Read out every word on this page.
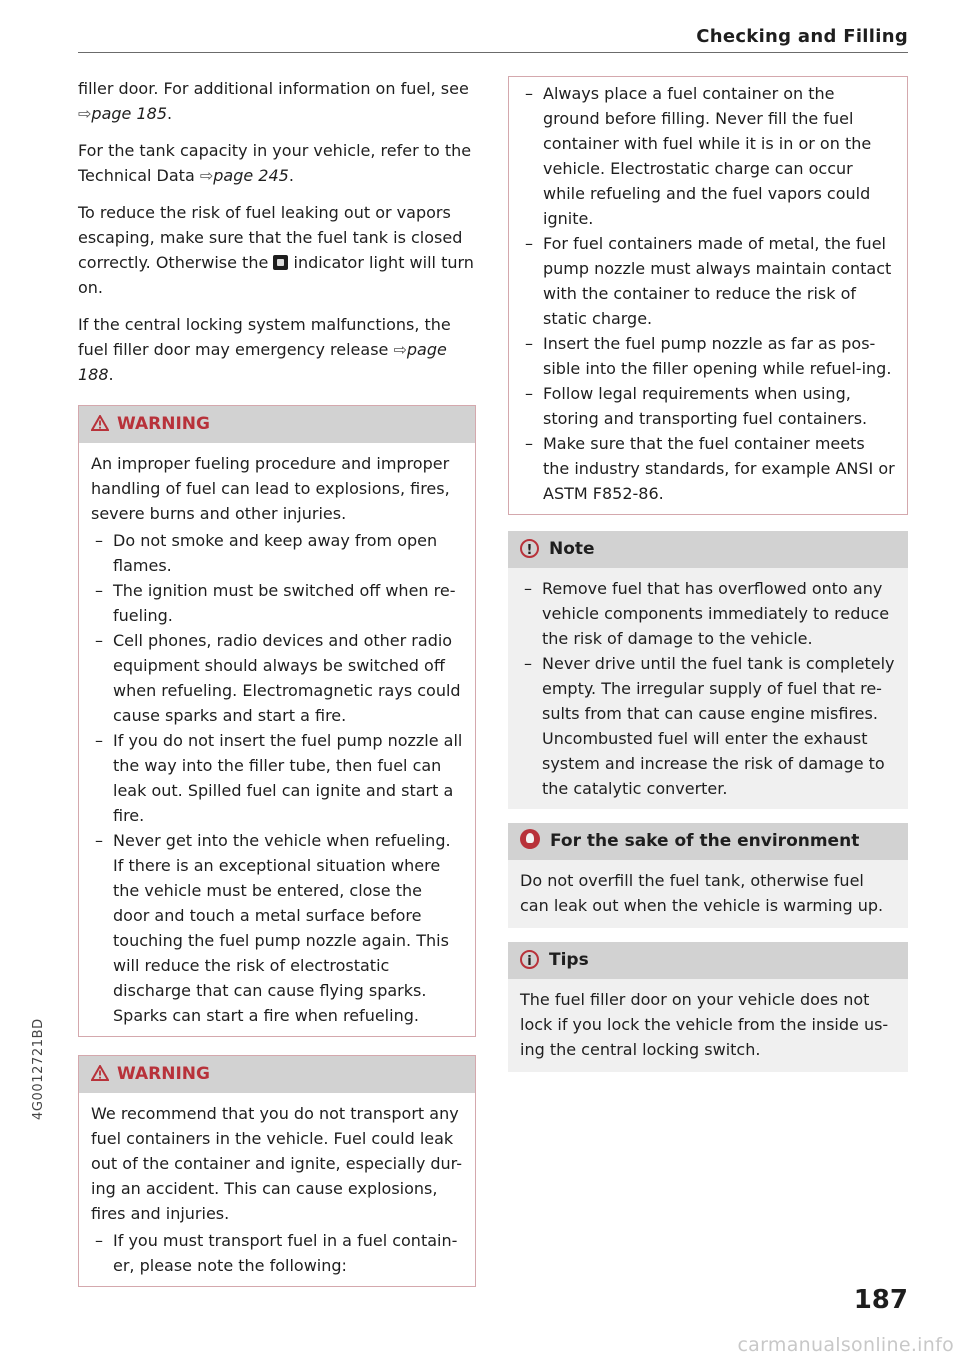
Checking and Filling
4G0012721BD

filler door. For additional information on fuel, see ⇨page 185.

For the tank capacity in your vehicle, refer to the Technical Data ⇨page 245.

To reduce the risk of fuel leaking out or vapors escaping, make sure that the fuel tank is closed correctly. Otherwise the  indicator light will turn on.

If the central locking system malfunctions, the fuel filler door may emergency release ⇨page 188.

WARNING

An improper fueling procedure and improper handling of fuel can lead to explosions, fires, severe burns and other injuries.

– Do not smoke and keep away from open flames.
– The ignition must be switched off when re-fueling.
– Cell phones, radio devices and other radio equipment should always be switched off when refueling. Electromagnetic rays could cause sparks and start a fire.
– If you do not insert the fuel pump nozzle all the way into the filler tube, then fuel can leak out. Spilled fuel can ignite and start a fire.
– Never get into the vehicle when refueling. If there is an exceptional situation where the vehicle must be entered, close the door and touch a metal surface before touching the fuel pump nozzle again. This will reduce the risk of electrostatic discharge that can cause flying sparks. Sparks can start a fire when refueling.
WARNING

We recommend that you do not transport any fuel containers in the vehicle. Fuel could leak out of the container and ignite, especially dur-ing an accident. This can cause explosions, fires and injuries.

– If you must transport fuel in a fuel contain-er, please note the following:
– Always place a fuel container on the ground before filling. Never fill the fuel container with fuel while it is in or on the vehicle. Electrostatic charge can occur while refueling and the fuel vapors could ignite.
– For fuel containers made of metal, the fuel pump nozzle must always maintain contact with the container to reduce the risk of static charge.
– Insert the fuel pump nozzle as far as pos-sible into the filler opening while refuel-ing.
– Follow legal requirements when using, storing and transporting fuel containers.
– Make sure that the fuel container meets the industry standards, for example ANSI or ASTM F852-86.
! Note
– Remove fuel that has overflowed onto any vehicle components immediately to reduce the risk of damage to the vehicle.
– Never drive until the fuel tank is completely empty. The irregular supply of fuel that re-sults from that can cause engine misfires. Uncombusted fuel will enter the exhaust system and increase the risk of damage to the catalytic converter.
For the sake of the environment

Do not overfill the fuel tank, otherwise fuel can leak out when the vehicle is warming up.

i Tips

The fuel filler door on your vehicle does not lock if you lock the vehicle from the inside us-ing the central locking switch.

187
carmanualsonline.info
